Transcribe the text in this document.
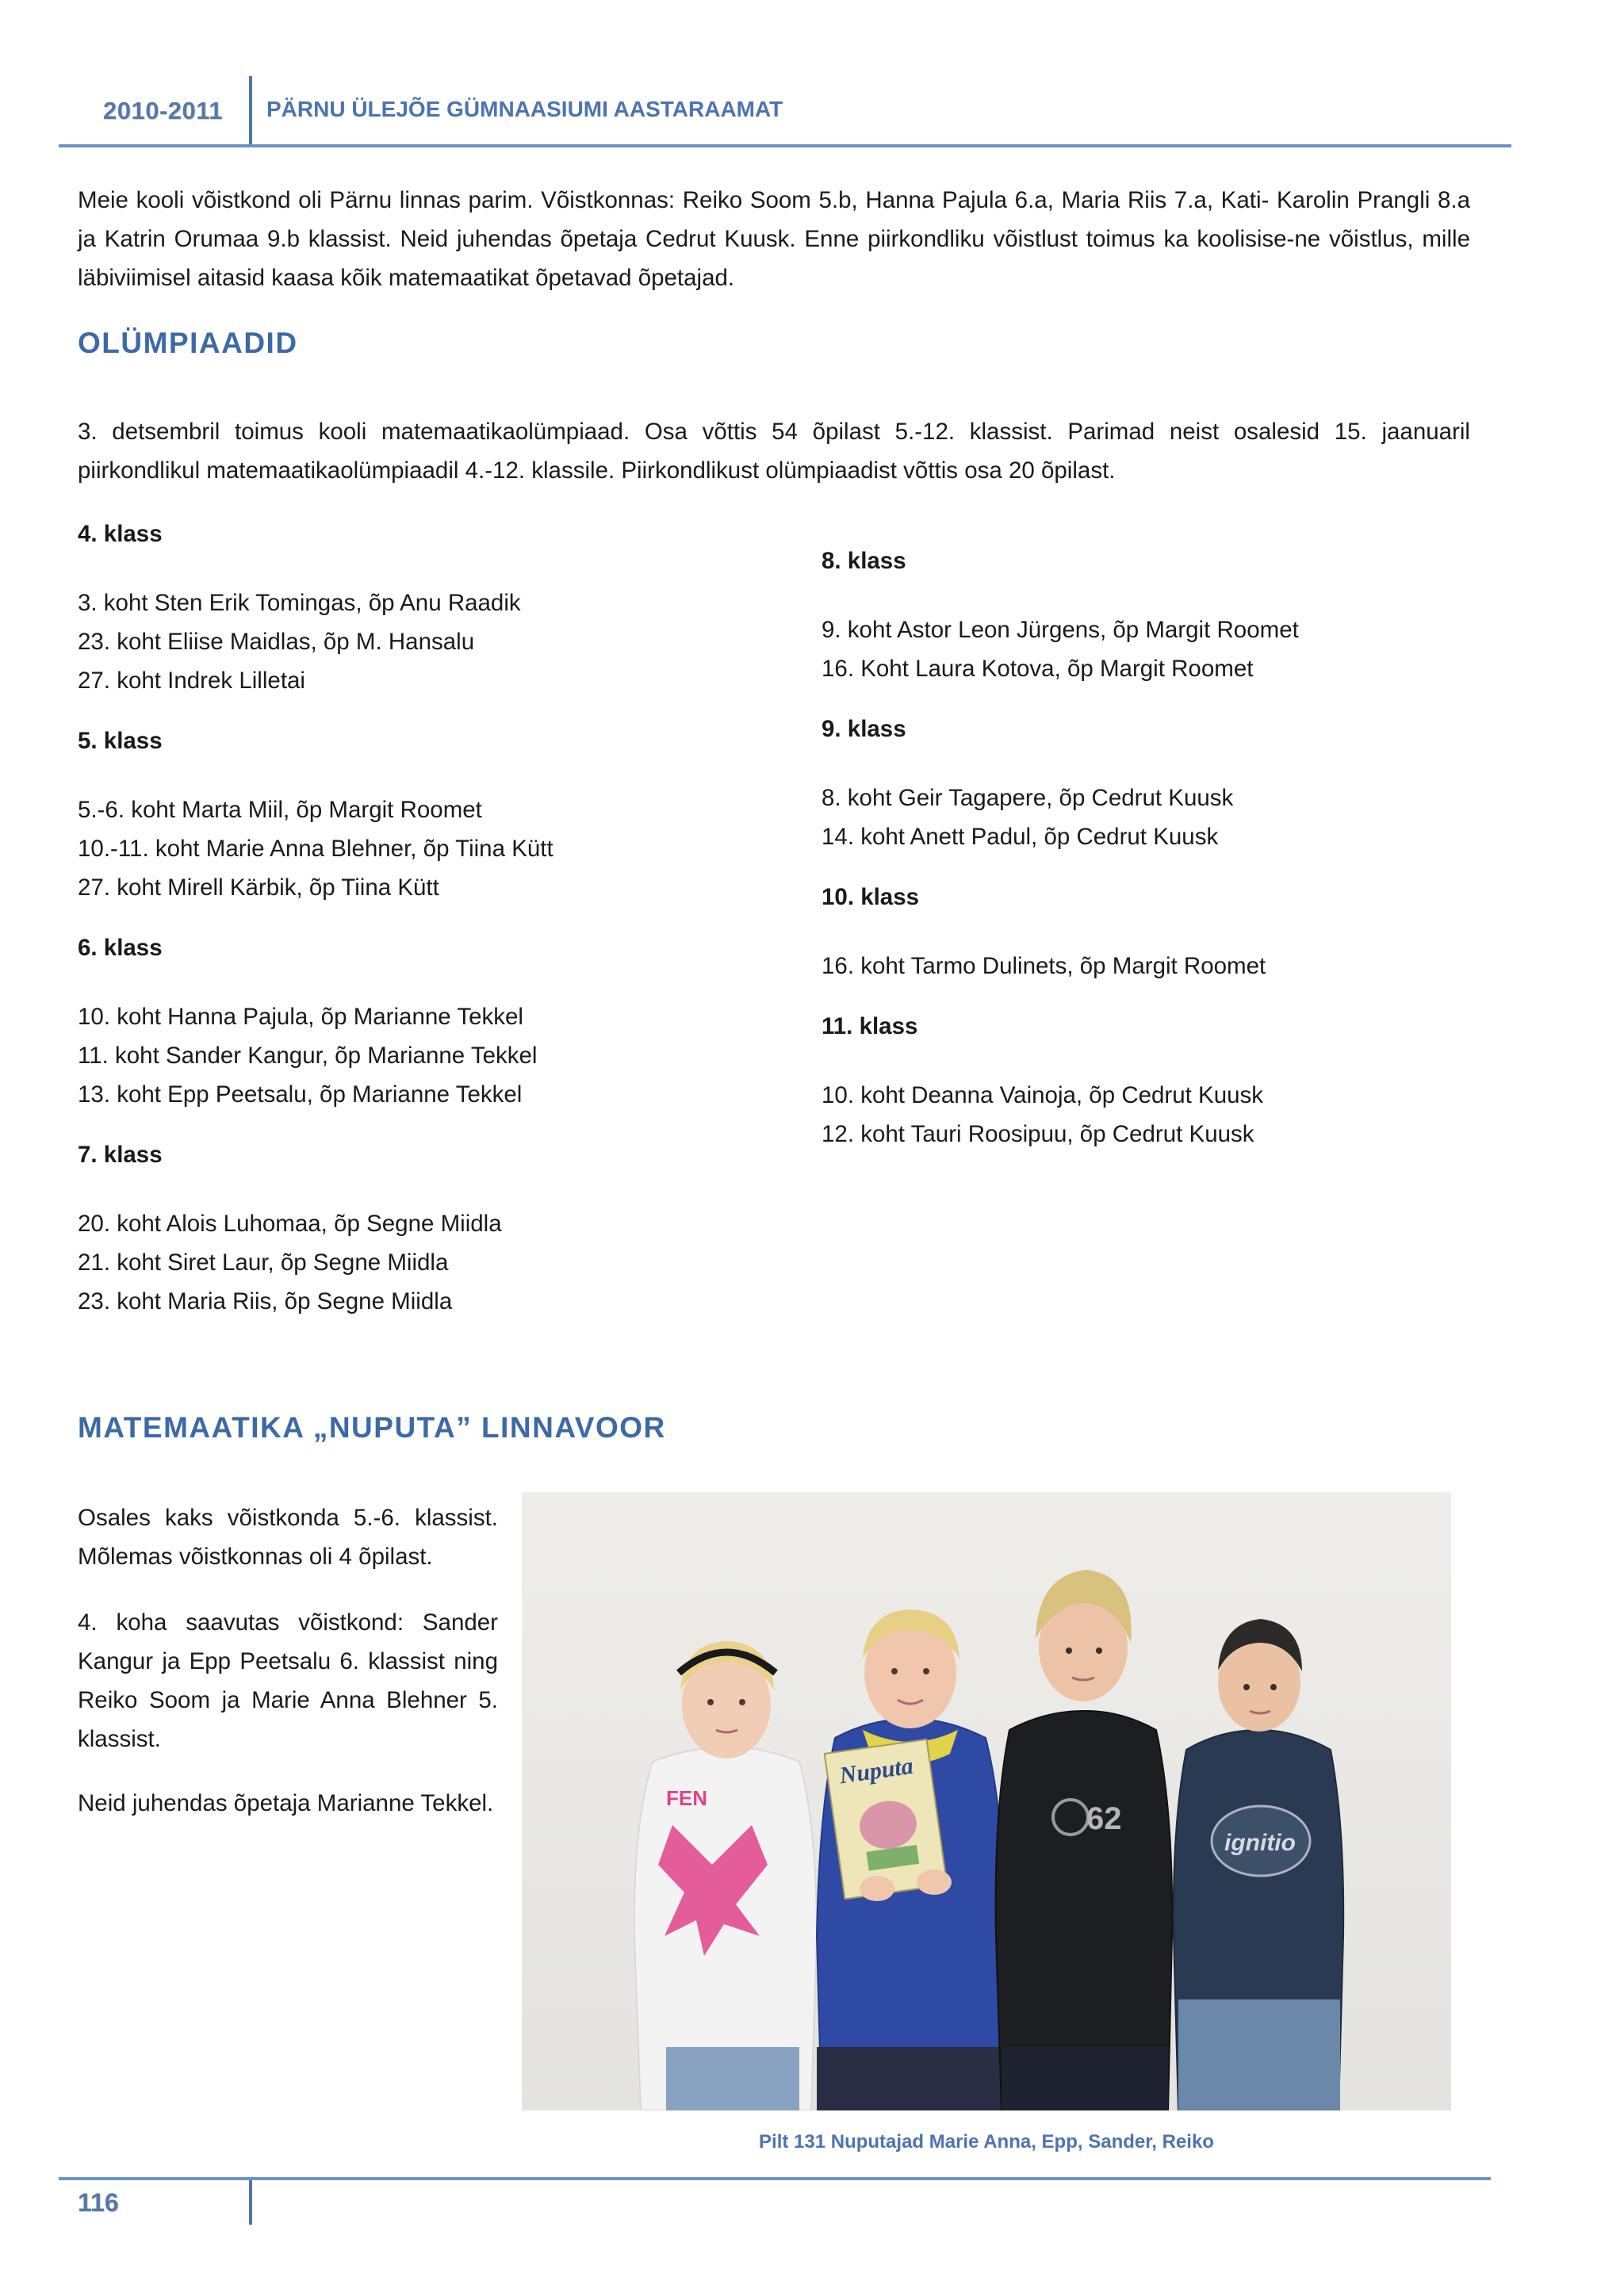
2010-2011 PÄRNU ÜLEJÕE GÜMNAASIUMI AASTARAAMAT

Meie kooli võistkond oli Pärnu linnas parim. Võistkonnas: Reiko Soom 5.b, Hanna Pajula 6.a, Maria Riis 7.a, Kati- Karolin Prangli 8.a ja Katrin Orumaa 9.b klassist. Neid juhendas õpetaja Cedrut Kuusk. Enne piirkondliku võistlust toimus ka koolisise-ne võistlus, mille läbiviimisel aitasid kaasa kõik matemaatikat õpetavad õpetajad.

OLÜMPIAADID

3. detsembril toimus kooli matemaatikaolümpiaad. Osa võttis 54 õpilast 5.-12. klassist. Parimad neist osalesid 15. jaanuaril piirkondlikul matemaatikaolümpiaadil 4.-12. klassile. Piirkondlikust olümpiaadist võttis osa 20 õpilast.

4. klass
3. koht Sten Erik Tomingas, õp Anu Raadik
23. koht Eliise Maidlas, õp M. Hansalu
27. koht Indrek Lilletai
5. klass
5.-6. koht Marta Miil, õp Margit Roomet
10.-11. koht Marie Anna Blehner, õp Tiina Kütt
27. koht Mirell Kärbik, õp Tiina Kütt
6. klass
10. koht Hanna Pajula, õp Marianne Tekkel
11. koht Sander Kangur, õp Marianne Tekkel
13. koht Epp Peetsalu, õp Marianne Tekkel
7. klass
20. koht Alois Luhomaa, õp Segne Miidla
21. koht Siret Laur, õp Segne Miidla
23. koht Maria Riis, õp Segne Miidla
8. klass
9. koht Astor Leon Jürgens, õp Margit Roomet
16. Koht Laura Kotova, õp Margit Roomet
9. klass
8. koht Geir Tagapere, õp Cedrut Kuusk
14. koht Anett Padul, õp Cedrut Kuusk
10. klass
16. koht Tarmo Dulinets, õp Margit Roomet
11. klass
10. koht Deanna Vainoja, õp Cedrut Kuusk
12. koht Tauri Roosipuu, õp Cedrut Kuusk
MATEMAATIKA „NUPUTA” LINNAVOOR

Osales kaks võistkonda 5.-6. klassist. Mõlemas võistkonnas oli 4 õpilast.

4. koha saavutas võistkond: Sander Kangur ja Epp Peetsalu 6. klassist ning Reiko Soom ja Marie Anna Blehner 5. klassist.

Neid juhendas õpetaja Marianne Tekkel.	FEN
Nuputa
62
ignitio
Pilt 131 Nuputajad Marie Anna, Epp, Sander, Reiko
116
